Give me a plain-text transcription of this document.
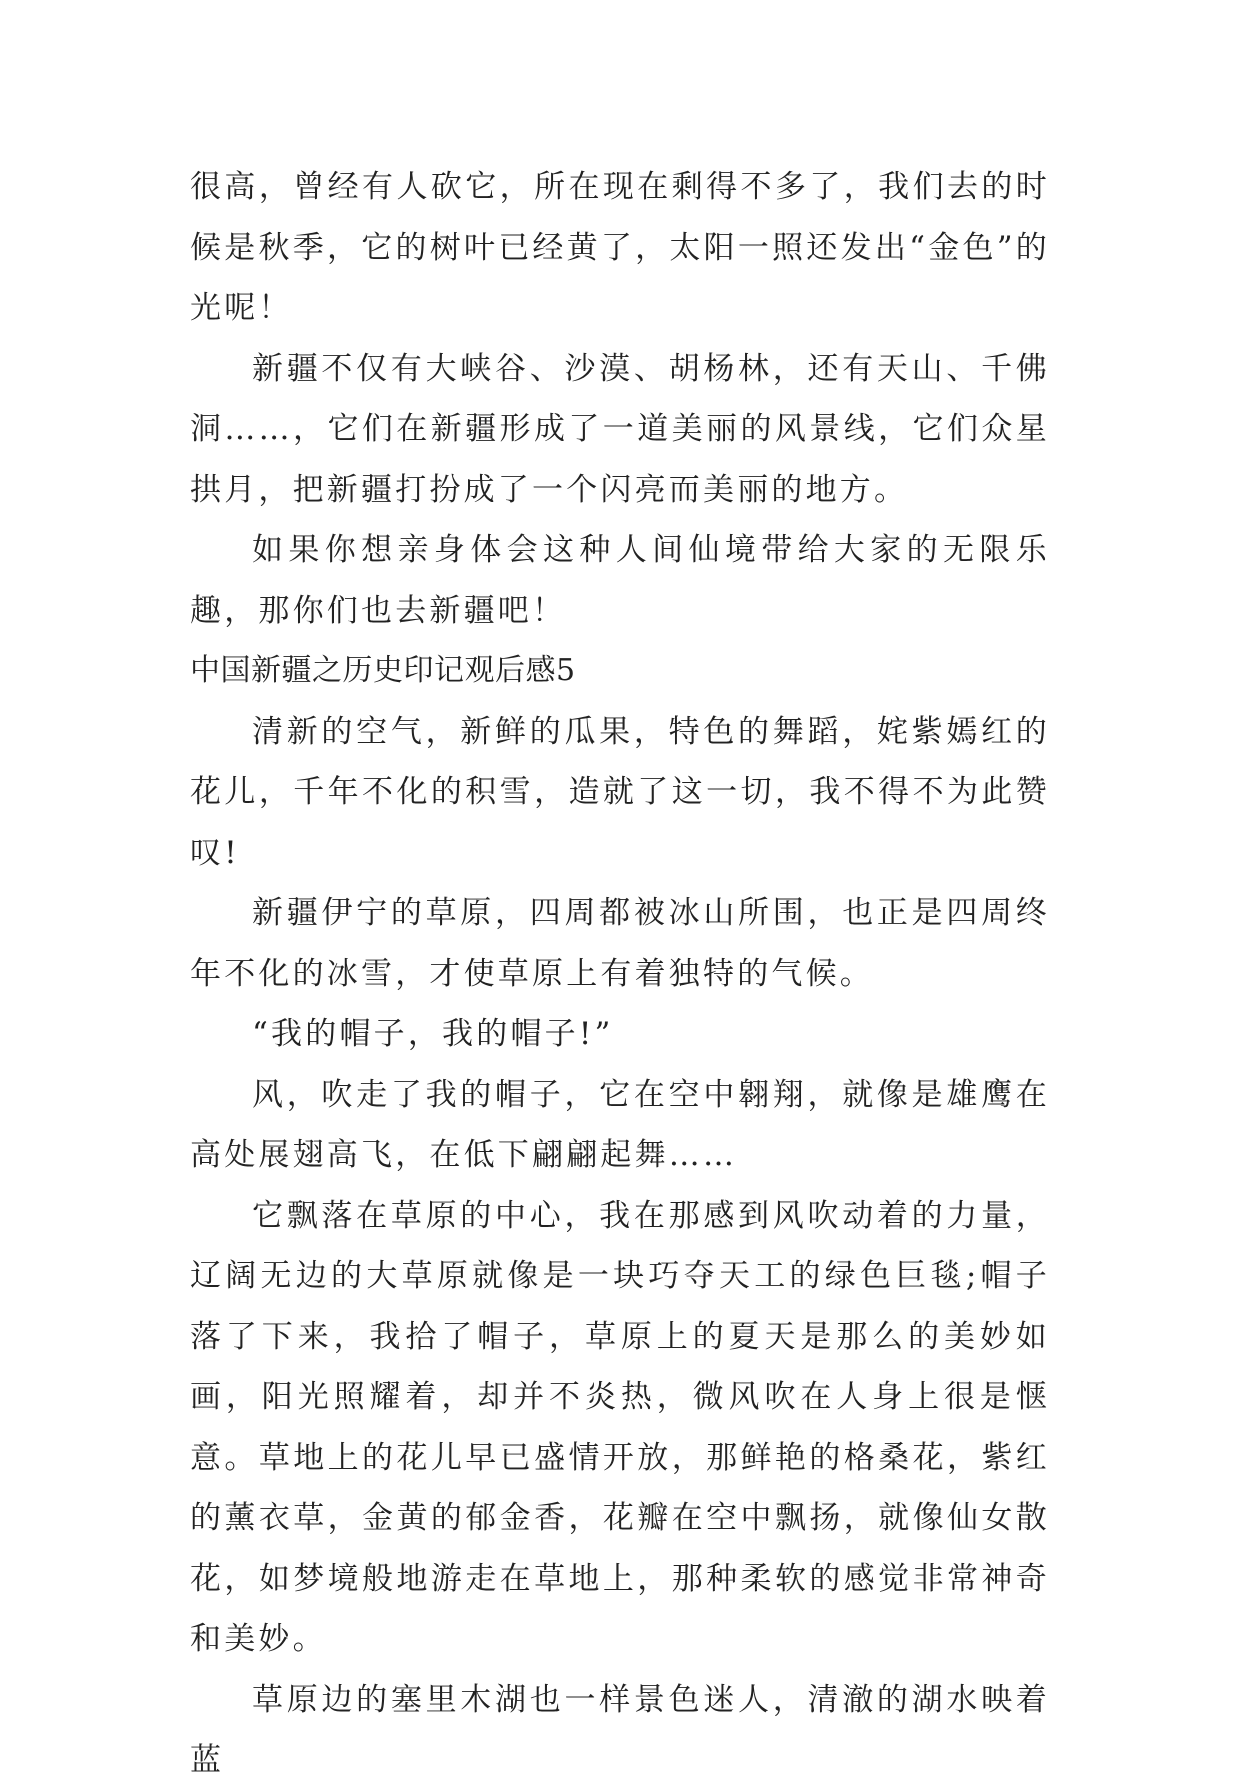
很高，曾经有人砍它，所在现在剩得不多了，我们去的时候是秋季，它的树叶已经黄了，太阳一照还发出“金色”的光呢！

新疆不仅有大峡谷、沙漠、胡杨林，还有天山、千佛洞……，它们在新疆形成了一道美丽的风景线，它们众星拱月，把新疆打扮成了一个闪亮而美丽的地方。

如果你想亲身体会这种人间仙境带给大家的无限乐趣，那你们也去新疆吧！

中国新疆之历史印记观后感5

清新的空气，新鲜的瓜果，特色的舞蹈，姹紫嫣红的花儿，千年不化的积雪，造就了这一切，我不得不为此赞叹!

新疆伊宁的草原，四周都被冰山所围，也正是四周终年不化的冰雪，才使草原上有着独特的气候。

“我的帽子，我的帽子!”

风，吹走了我的帽子，它在空中翱翔，就像是雄鹰在高处展翅高飞，在低下翩翩起舞……

它飘落在草原的中心，我在那感到风吹动着的力量，辽阔无边的大草原就像是一块巧夺天工的绿色巨毯;帽子落了下来，我拾了帽子，草原上的夏天是那么的美妙如画，阳光照耀着，却并不炎热，微风吹在人身上很是惬意。草地上的花儿早已盛情开放，那鲜艳的格桑花，紫红的薰衣草，金黄的郁金香，花瓣在空中飘扬，就像仙女散花，如梦境般地游走在草地上，那种柔软的感觉非常神奇和美妙。

草原边的塞里木湖也一样景色迷人，清澈的湖水映着蓝
